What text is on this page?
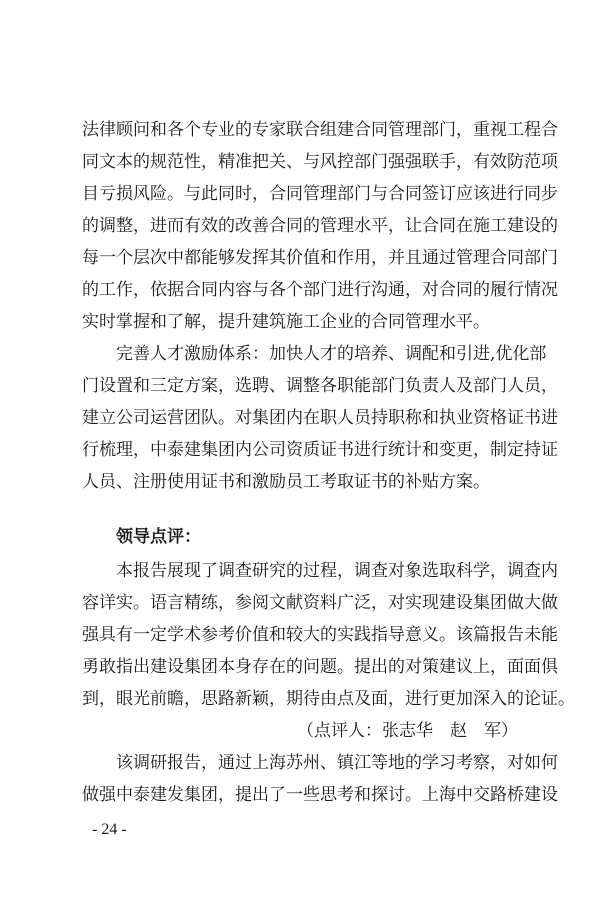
法律顾问和各个专业的专家联合组建合同管理部门，重视工程合
同文本的规范性，精准把关、与风控部门强强联手，有效防范项
目亏损风险。与此同时，合同管理部门与合同签订应该进行同步
的调整，进而有效的改善合同的管理水平，让合同在施工建设的
每一个层次中都能够发挥其价值和作用，并且通过管理合同部门
的工作，依据合同内容与各个部门进行沟通，对合同的履行情况
实时掌握和了解，提升建筑施工企业的合同管理水平。
完善人才激励体系：加快人才的培养、调配和引进,优化部
门设置和三定方案，选聘、调整各职能部门负责人及部门人员，
建立公司运营团队。对集团内在职人员持职称和执业资格证书进
行梳理，中泰建集团内公司资质证书进行统计和变更，制定持证
人员、注册使用证书和激励员工考取证书的补贴方案。
领导点评：
本报告展现了调查研究的过程，调查对象选取科学，调查内
容详实。语言精练，参阅文献资料广泛，对实现建设集团做大做
强具有一定学术参考价值和较大的实践指导意义。该篇报告未能
勇敢指出建设集团本身存在的问题。提出的对策建议上，面面俱
到，眼光前瞻，思路新颖，期待由点及面，进行更加深入的论证。
（点评人：张志华　赵　军）
该调研报告，通过上海苏州、镇江等地的学习考察，对如何
做强中泰建发集团，提出了一些思考和探讨。上海中交路桥建设
- 24 -
